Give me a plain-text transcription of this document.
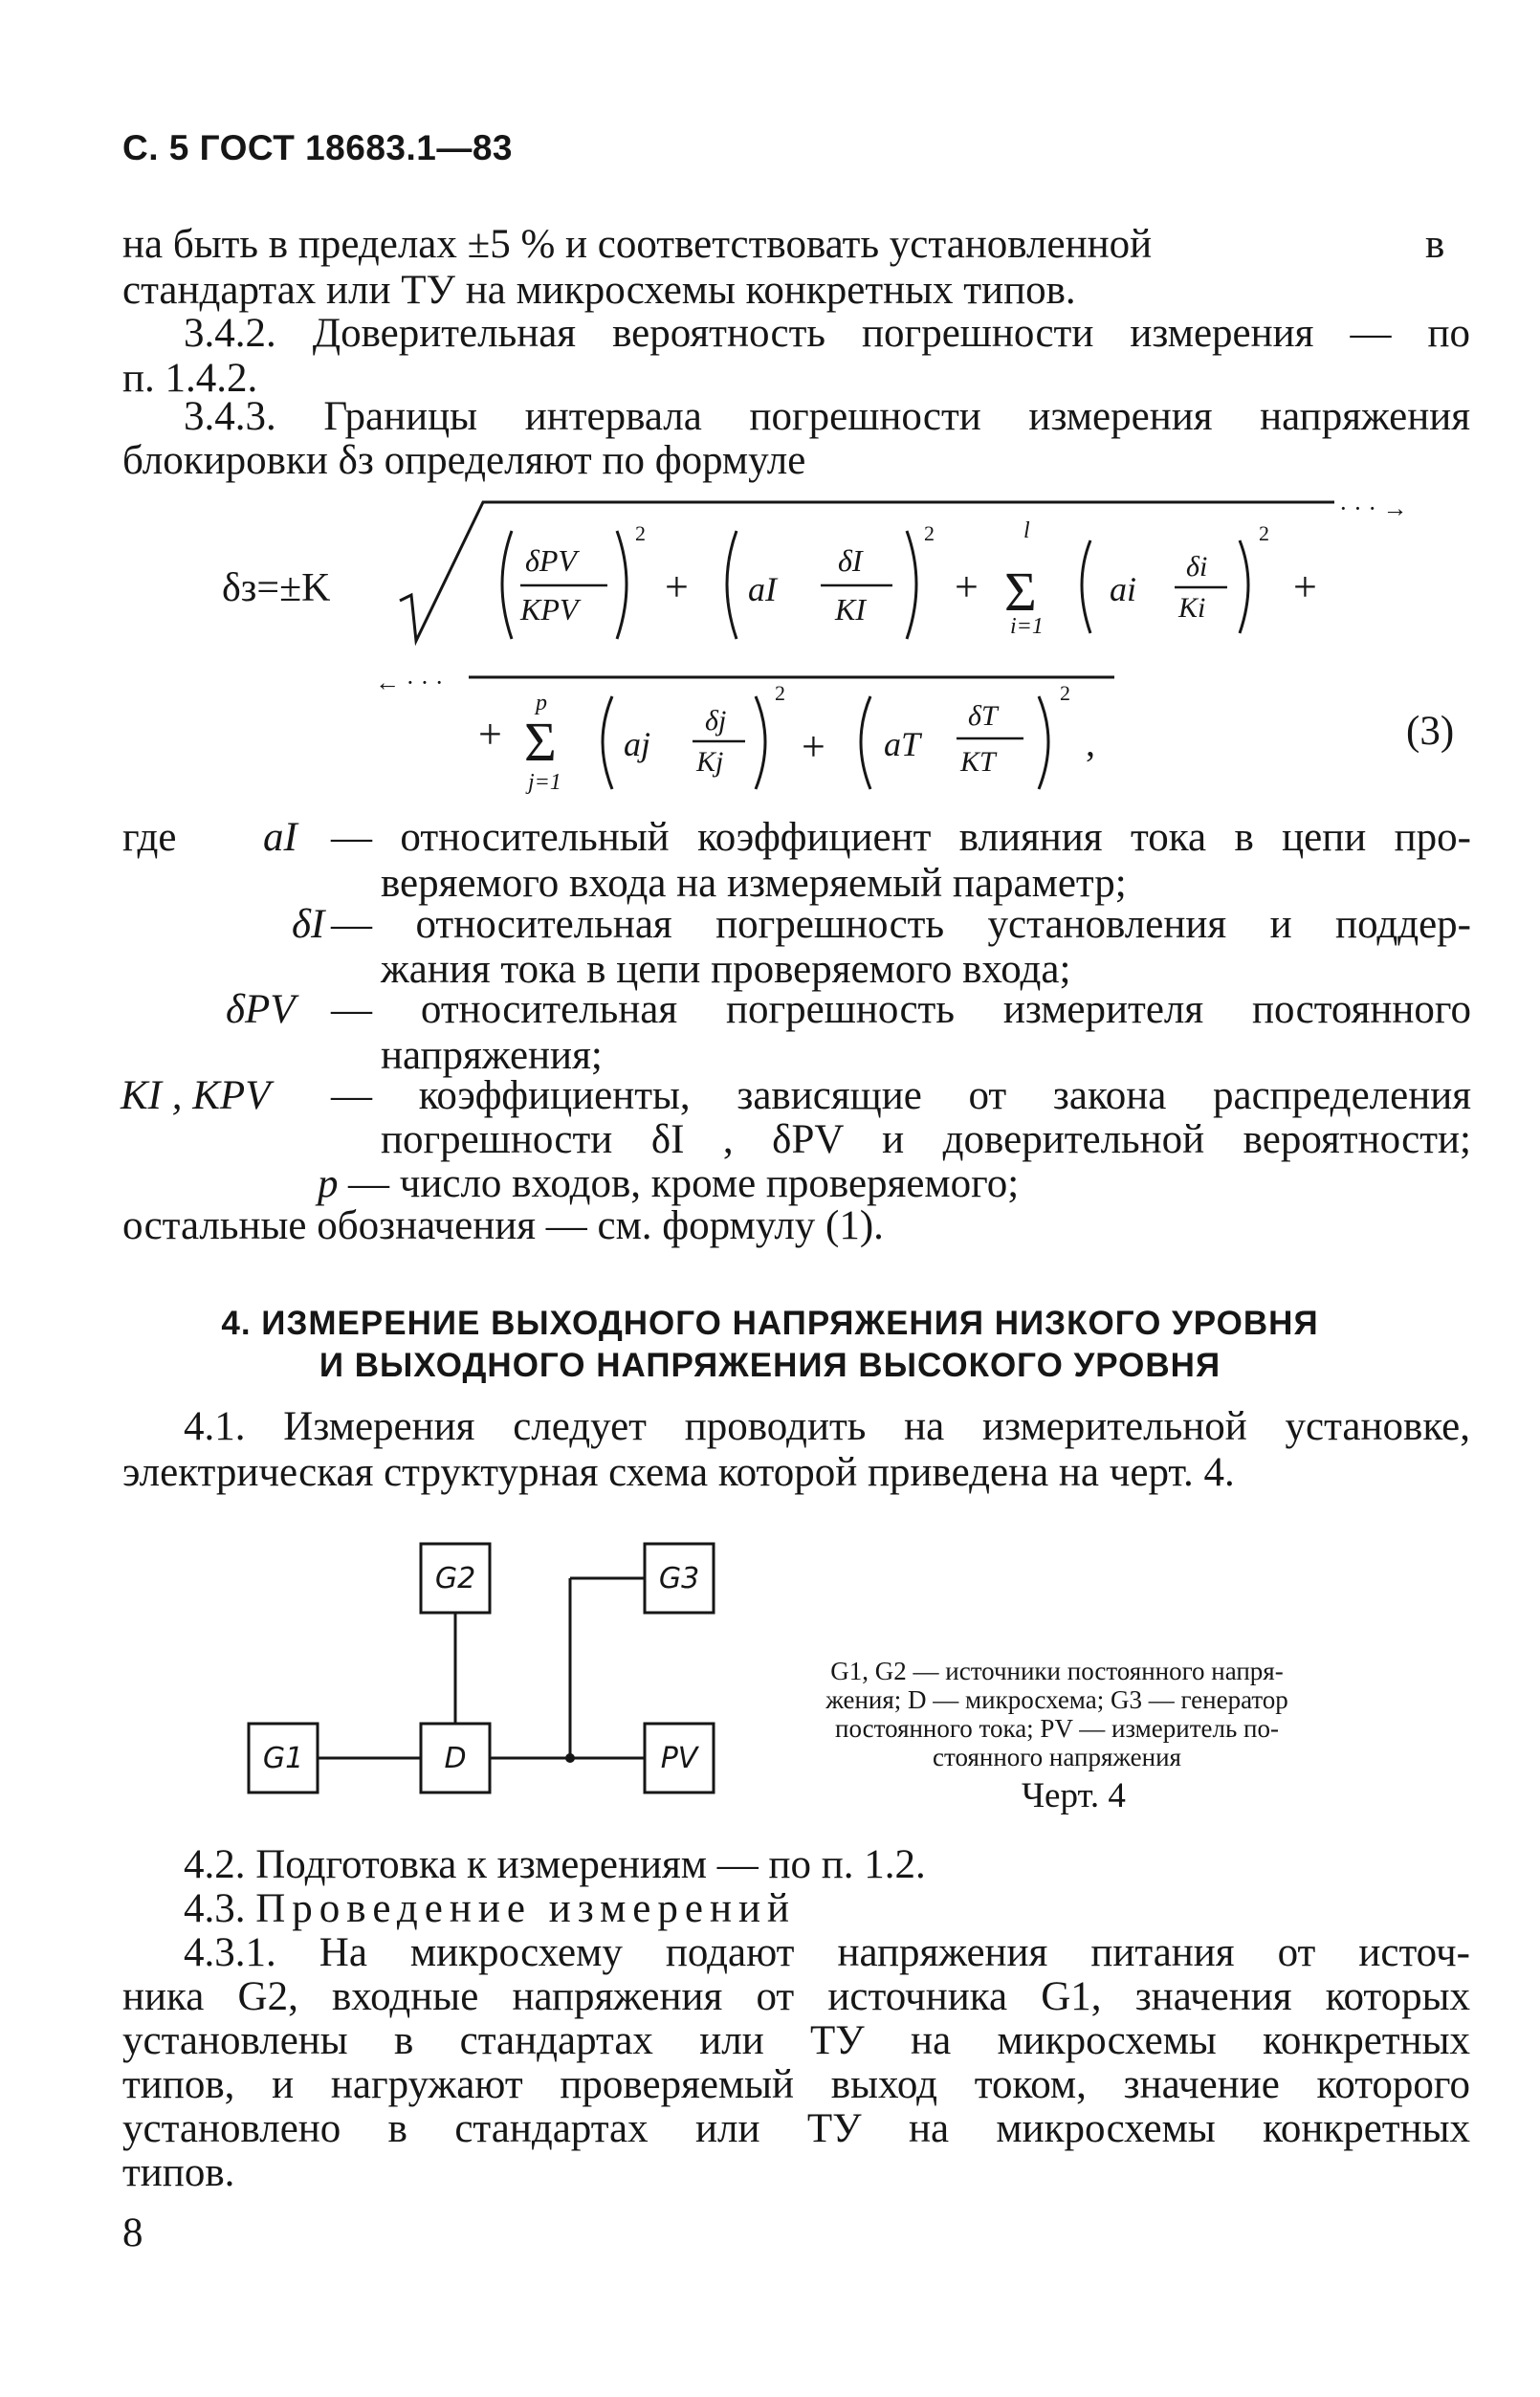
С. 5 ГОСТ 18683.1—83
на быть в пределах ±5 % и соответствовать установленной	в
стандартах или ТУ на микросхемы конкретных типов.
3.4.2. Доверительная вероятность погрешности измерения — по
п. 1.4.2.
3.4.3. Границы интервала погрешности измерения напряжения
блокировки δз определяют по формуле
δз=±K
· · · →
δPV
KPV
2
+ aI
δI
KI
2
+
l
Σ
i=1
ai
δi
Ki
2
+
← · · ·
+
p
Σ
j=1
aj
δj
Kj
2
+ aT
δT
KT
2
,	(3)
где aI — относительный коэффициент влияния тока в цепи про-
веряемого входа на измеряемый параметр;
δI — относительная погрешность установления и поддер-
жания тока в цепи проверяемого входа;
δPV — относительная погрешность измерителя постоянного
напряжения;
KI , KPV — коэффициенты, зависящие от закона распределения
погрешности δI , δPV и доверительной вероятности;
p — число входов, кроме проверяемого;
остальные обозначения — см. формулу (1).
4. ИЗМЕРЕНИЕ ВЫХОДНОГО НАПРЯЖЕНИЯ НИЗКОГО УРОВНЯ
И ВЫХОДНОГО НАПРЯЖЕНИЯ ВЫСОКОГО УРОВНЯ
4.1. Измерения следует проводить на измерительной установке,
электрическая структурная схема которой приведена на черт. 4.
G2	G3
G1	D	PV
G1, G2 — источники постоянного напря-
жения; D — микросхема; G3 — генератор
постоянного тока; PV — измеритель по-
стоянного напряжения
Черт. 4
4.2. Подготовка к измерениям — по п. 1.2.
4.3. Проведение измерений
4.3.1. На микросхему подают напряжения питания от источ-
ника G2, входные напряжения от источника G1, значения которых
установлены в стандартах или ТУ на микросхемы конкретных
типов, и нагружают проверяемый выход током, значение которого
установлено в стандартах или ТУ на микросхемы конкретных
типов.
8
